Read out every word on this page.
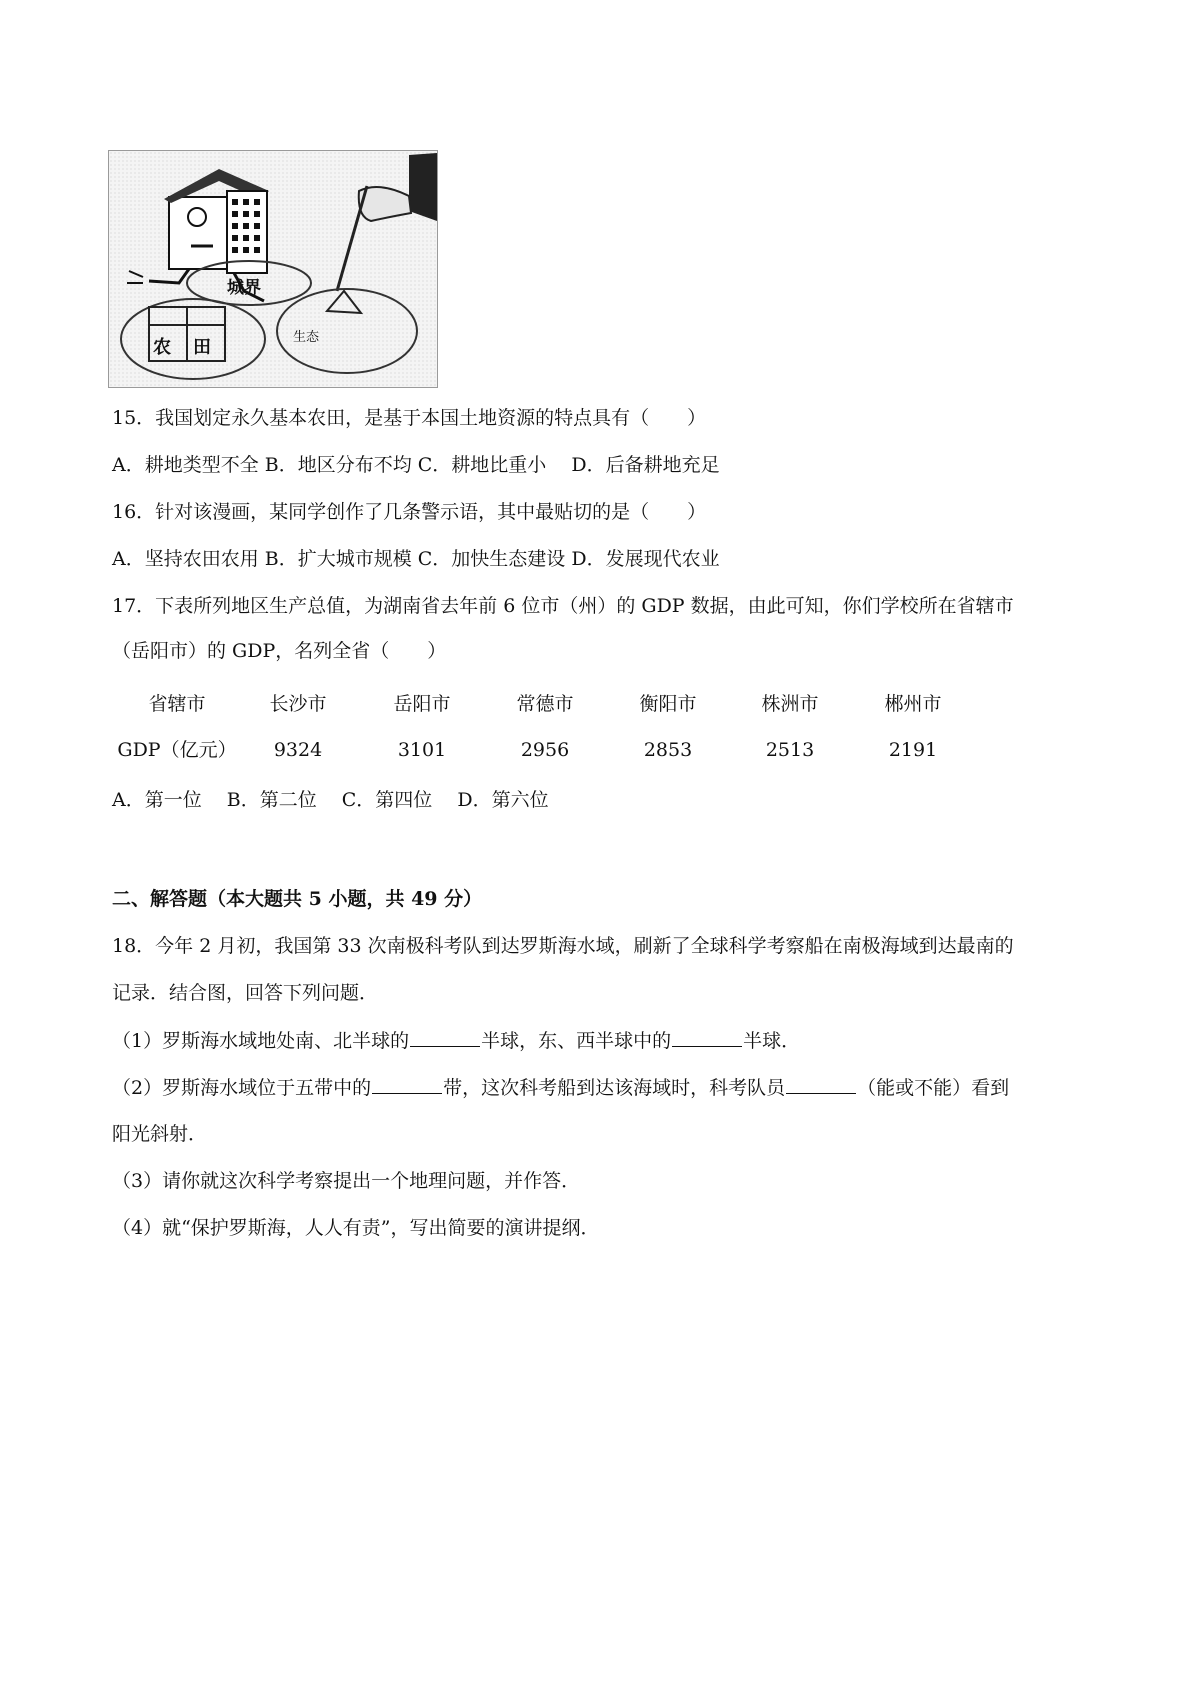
城界
农 田	生态
15．我国划定永久基本农田，是基于本国土地资源的特点具有（　　）
A．耕地类型不全 B．地区分布不均 C．耕地比重小　 D．后备耕地充足
16．针对该漫画，某同学创作了几条警示语，其中最贴切的是（　　）
A．坚持农田农用 B．扩大城市规模 C．加快生态建设 D．发展现代农业
17．下表所列地区生产总值，为湖南省去年前 6 位市（州）的 GDP 数据，由此可知，你们学校所在省辖市
（岳阳市）的 GDP，名列全省（　　）
省辖市	长沙市	岳阳市	常德市	衡阳市	株洲市	郴州市
GDP（亿元） 9324	3101	2956	2853	2513	2191
A．第一位　 B．第二位　 C．第四位　 D．第六位
二、解答题（本大题共 5 小题，共 49 分）
18．今年 2 月初，我国第 33 次南极科考队到达罗斯海水域，刷新了全球科学考察船在南极海域到达最南的
记录．结合图，回答下列问题．
（1）罗斯海水域地处南、北半球的	半球，东、西半球中的	半球．
（2）罗斯海水域位于五带中的	带，这次科考船到达该海域时，科考队员	（能或不能）看到
阳光斜射．
（3）请你就这次科学考察提出一个地理问题，并作答．
（4）就“保护罗斯海，人人有责”，写出简要的演讲提纲．
